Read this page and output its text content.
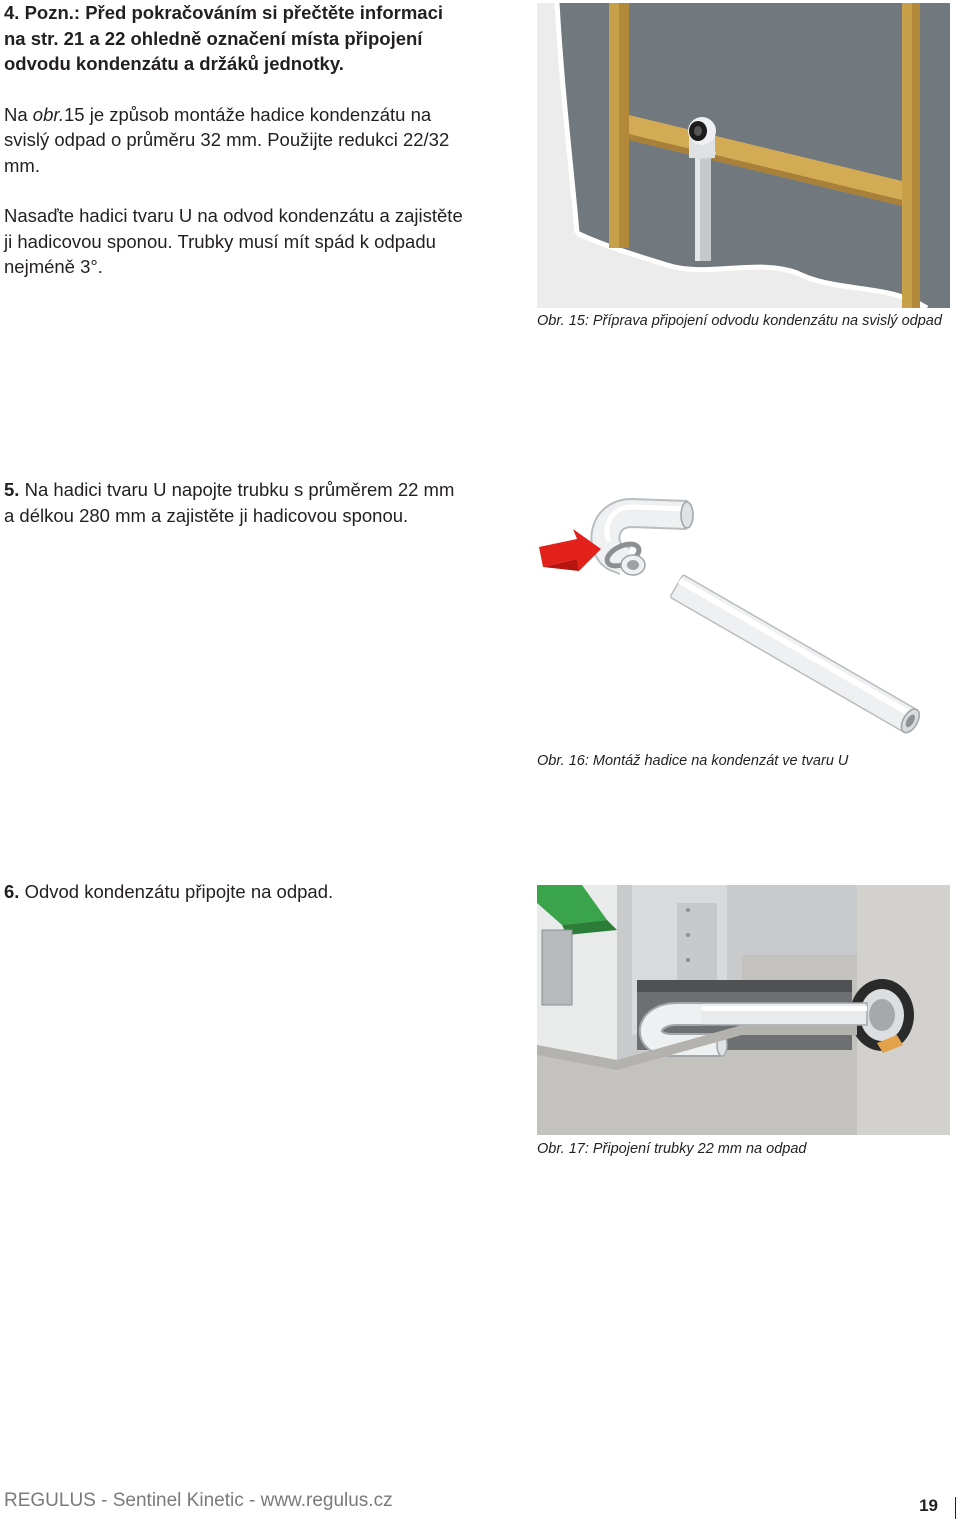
4. Pozn.: Před pokračováním si přečtěte informaci na str. 21 a 22 ohledně označení místa připojení odvodu kondenzátu a držáků jednotky.

Na obr.15 je způsob montáže hadice kondenzátu na svislý odpad o průměru 32 mm. Použijte redukci 22/32 mm.

Nasaďte hadici tvaru U na odvod kondenzátu a zajistěte ji hadicovou sponou. Trubky musí mít spád k odpadu nejméně 3°.

Obr. 15: Příprava připojení odvodu kondenzátu na svislý odpad

5. Na hadici tvaru U napojte trubku s průměrem 22 mm a délkou 280 mm a zajistěte ji hadicovou sponou.

Obr. 16: Montáž hadice na kondenzát ve tvaru U

6. Odvod kondenzátu připojte na odpad.

Obr. 17: Připojení trubky 22 mm na odpad
REGULUS - Sentinel Kinetic - www.regulus.cz	19
